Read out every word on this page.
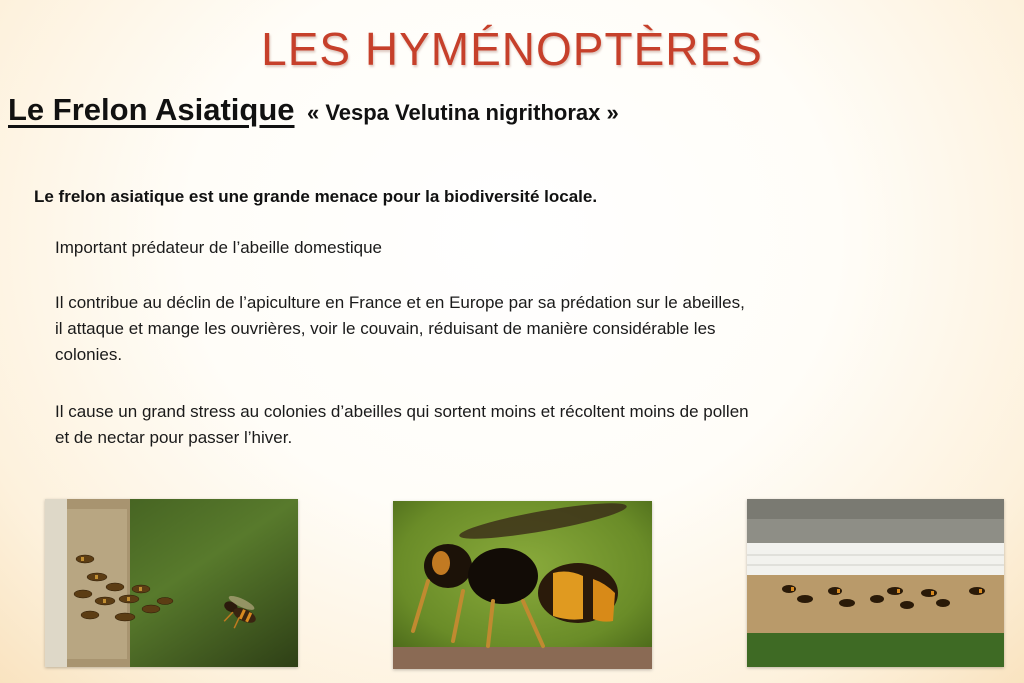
LES HYMÉNOPTÈRES
Le Frelon Asiatique « Vespa Velutina nigrithorax »
Le frelon asiatique est une grande menace pour la biodiversité locale.
Important prédateur de l’abeille domestique
Il contribue au déclin de l’apiculture en France et en Europe par sa prédation sur le abeilles,
il attaque et mange les ouvrières, voir le couvain, réduisant de manière considérable les
colonies.
Il cause un grand stress au colonies d’abeilles qui sortent moins et récoltent moins de pollen
et de nectar pour passer l’hiver.
